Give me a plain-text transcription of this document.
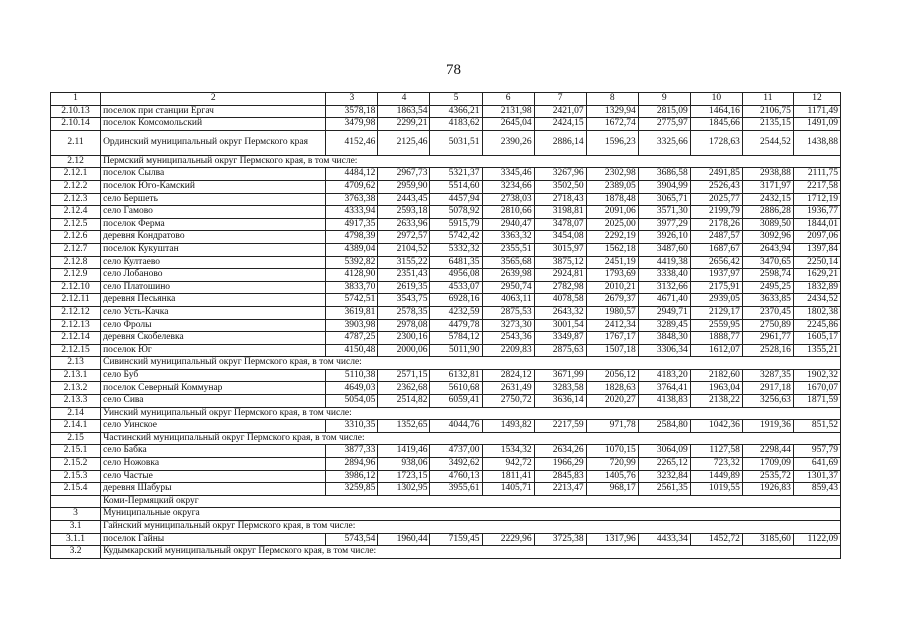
78
1	2	3	4	5	6	7	8	9	10	11	12
2.10.13	поселок при станции Ергач	3578,18	1863,54	4366,21	2131,98	2421,07	1329,94	2815,09	1464,16	2106,75	1171,49
2.10.14	поселок Комсомольский	3479,98	2299,21	4183,62	2645,04	2424,15	1672,74	2775,97	1845,66	2135,15	1491,09
2.11	Ординский муниципальный округ Пермского края	4152,46	2125,46	5031,51	2390,26	2886,14	1596,23	3325,66	1728,63	2544,52	1438,88
2.12	Пермский муниципальный округ Пермского края, в том числе:										
2.12.1	поселок Сылва	4484,12	2967,73	5321,37	3345,46	3267,96	2302,98	3686,58	2491,85	2938,88	2111,75
2.12.2	поселок Юго-Камский	4709,62	2959,90	5514,60	3234,66	3502,50	2389,05	3904,99	2526,43	3171,97	2217,58
2.12.3	село Бершеть	3763,38	2443,45	4457,94	2738,03	2718,43	1878,48	3065,71	2025,77	2432,15	1712,19
2.12.4	село Гамово	4333,94	2593,18	5078,92	2810,66	3198,81	2091,06	3571,30	2199,79	2886,28	1936,77
2.12.5	поселок Ферма	4917,35	2633,96	5915,79	2940,47	3478,07	2025,00	3977,29	2178,26	3089,50	1844,01
2.12.6	деревня Кондратово	4798,39	2972,57	5742,42	3363,32	3454,08	2292,19	3926,10	2487,57	3092,96	2097,06
2.12.7	поселок Кукуштан	4389,04	2104,52	5332,32	2355,51	3015,97	1562,18	3487,60	1687,67	2643,94	1397,84
2.12.8	село Култаево	5392,82	3155,22	6481,35	3565,68	3875,12	2451,19	4419,38	2656,42	3470,65	2250,14
2.12.9	село Лобаново	4128,90	2351,43	4956,08	2639,98	2924,81	1793,69	3338,40	1937,97	2598,74	1629,21
2.12.10	село Платошино	3833,70	2619,35	4533,07	2950,74	2782,98	2010,21	3132,66	2175,91	2495,25	1832,89
2.12.11	деревня Песьянка	5742,51	3543,75	6928,16	4063,11	4078,58	2679,37	4671,40	2939,05	3633,85	2434,52
2.12.12	село Усть-Качка	3619,81	2578,35	4232,59	2875,53	2643,32	1980,57	2949,71	2129,17	2370,45	1802,38
2.12.13	село Фролы	3903,98	2978,08	4479,78	3273,30	3001,54	2412,34	3289,45	2559,95	2750,89	2245,86
2.12.14	деревня Скобелевка	4787,25	2300,16	5784,12	2543,36	3349,87	1767,17	3848,30	1888,77	2961,77	1605,17
2.12.15	поселок Юг	4150,48	2000,06	5011,90	2209,83	2875,63	1507,18	3306,34	1612,07	2528,16	1355,21
2.13	Сивинский муниципальный округ Пермского края, в том числе:										
2.13.1	село Буб	5110,38	2571,15	6132,81	2824,12	3671,99	2056,12	4183,20	2182,60	3287,35	1902,32
2.13.2	поселок Северный Коммунар	4649,03	2362,68	5610,68	2631,49	3283,58	1828,63	3764,41	1963,04	2917,18	1670,07
2.13.3	село Сива	5054,05	2514,82	6059,41	2750,72	3636,14	2020,27	4138,83	2138,22	3256,63	1871,59
2.14	Уинский муниципальный округ Пермского края, в том числе:										
2.14.1	село Уинское	3310,35	1352,65	4044,76	1493,82	2217,59	971,78	2584,80	1042,36	1919,36	851,52
2.15	Частинский муниципальный округ Пермского края, в том числе:										
2.15.1	село Бабка	3877,33	1419,46	4737,00	1534,32	2634,26	1070,15	3064,09	1127,58	2298,44	957,79
2.15.2	село Ножовка	2894,96	938,06	3492,62	942,72	1966,29	720,99	2265,12	723,32	1709,09	641,69
2.15.3	село Частые	3986,12	1723,15	4760,13	1811,41	2845,83	1405,76	3232,84	1449,89	2535,72	1301,37
2.15.4	деревня Шабуры	3259,85	1302,95	3955,61	1405,71	2213,47	968,17	2561,35	1019,55	1926,83	859,43
	Коми-Пермяцкий округ										
3	Муниципальные округа										
3.1	Гайнский муниципальный округ Пермского края, в том числе:										
3.1.1	поселок Гайны	5743,54	1960,44	7159,45	2229,96	3725,38	1317,96	4433,34	1452,72	3185,60	1122,09
3.2	Кудымкарский муниципальный округ Пермского края, в том числе:										
